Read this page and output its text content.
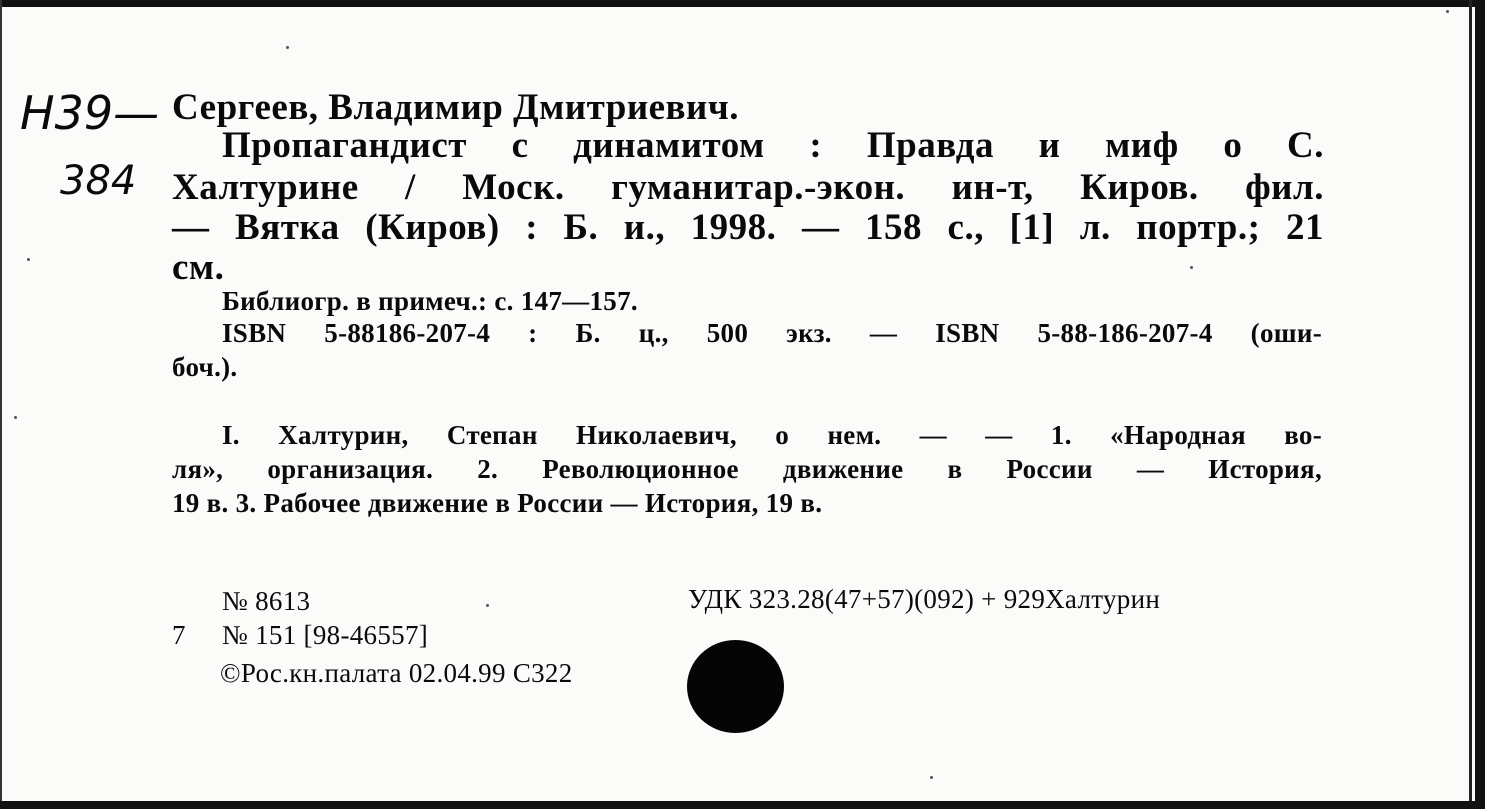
Н39—
384
Сергеев, Владимир Дмитриевич.
Пропагандист с динамитом : Правда и миф о С.
Халтурине / Моск. гуманитар.-экон. ин-т, Киров. фил.
— Вятка (Киров) : Б. и., 1998. — 158 с., [1] л. портр.; 21
см.
Библиогр. в примеч.: с. 147—157.
ISBN 5-88186-207-4 : Б. ц., 500 экз. — ISBN 5-88-186-207-4 (оши-
боч.).
I. Халтурин, Степан Николаевич, о нем. — — 1. «Народная во-
ля», организация. 2. Революционное движение в России — История,
19 в. 3. Рабочее движение в России — История, 19 в.
№ 8613	УДК 323.28(47+57)(092) + 929Халтурин
7 № 151 [98-46557]
©Рос.кн.палата 02.04.99 С322
